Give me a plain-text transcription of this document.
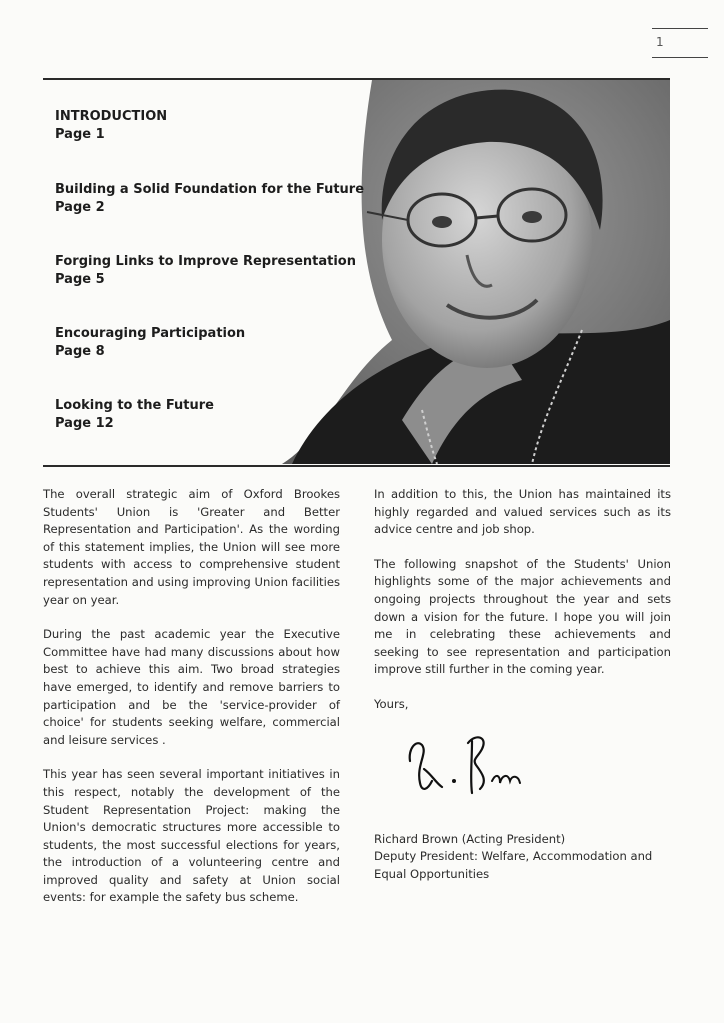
1
INTRODUCTION
Page 1
Building a Solid Foundation for the Future
Page 2
Forging Links to Improve Representation
Page 5
Encouraging Participation
Page 8
Looking to the Future
Page 12

The overall strategic aim of Oxford Brookes Students' Union is 'Greater and Better Representation and Participation'. As the wording of this statement implies, the Union will see more students with access to comprehensive student representation and using improving Union facilities year on year.

During the past academic year the Executive Committee have had many discussions about how best to achieve this aim. Two broad strategies have emerged, to identify and remove barriers to participation and be the 'service-provider of choice' for students seeking welfare, commercial and leisure services .

This year has seen several important initiatives in this respect, notably the development of the Student Representation Project: making the Union's democratic structures more accessible to students, the most successful elections for years, the introduction of a volunteering centre and improved quality and safety at Union social events: for example the safety bus scheme.

In addition to this, the Union has maintained its highly regarded and valued services such as its advice centre and job shop.

The following snapshot of the Students' Union highlights some of the major achievements and ongoing projects throughout the year and sets down a vision for the future. I hope you will join me in celebrating these achievements and seeking to see representation and participation improve still further in the coming year.

Yours,

Richard Brown (Acting President)
Deputy President: Welfare, Accommodation and
Equal Opportunities
